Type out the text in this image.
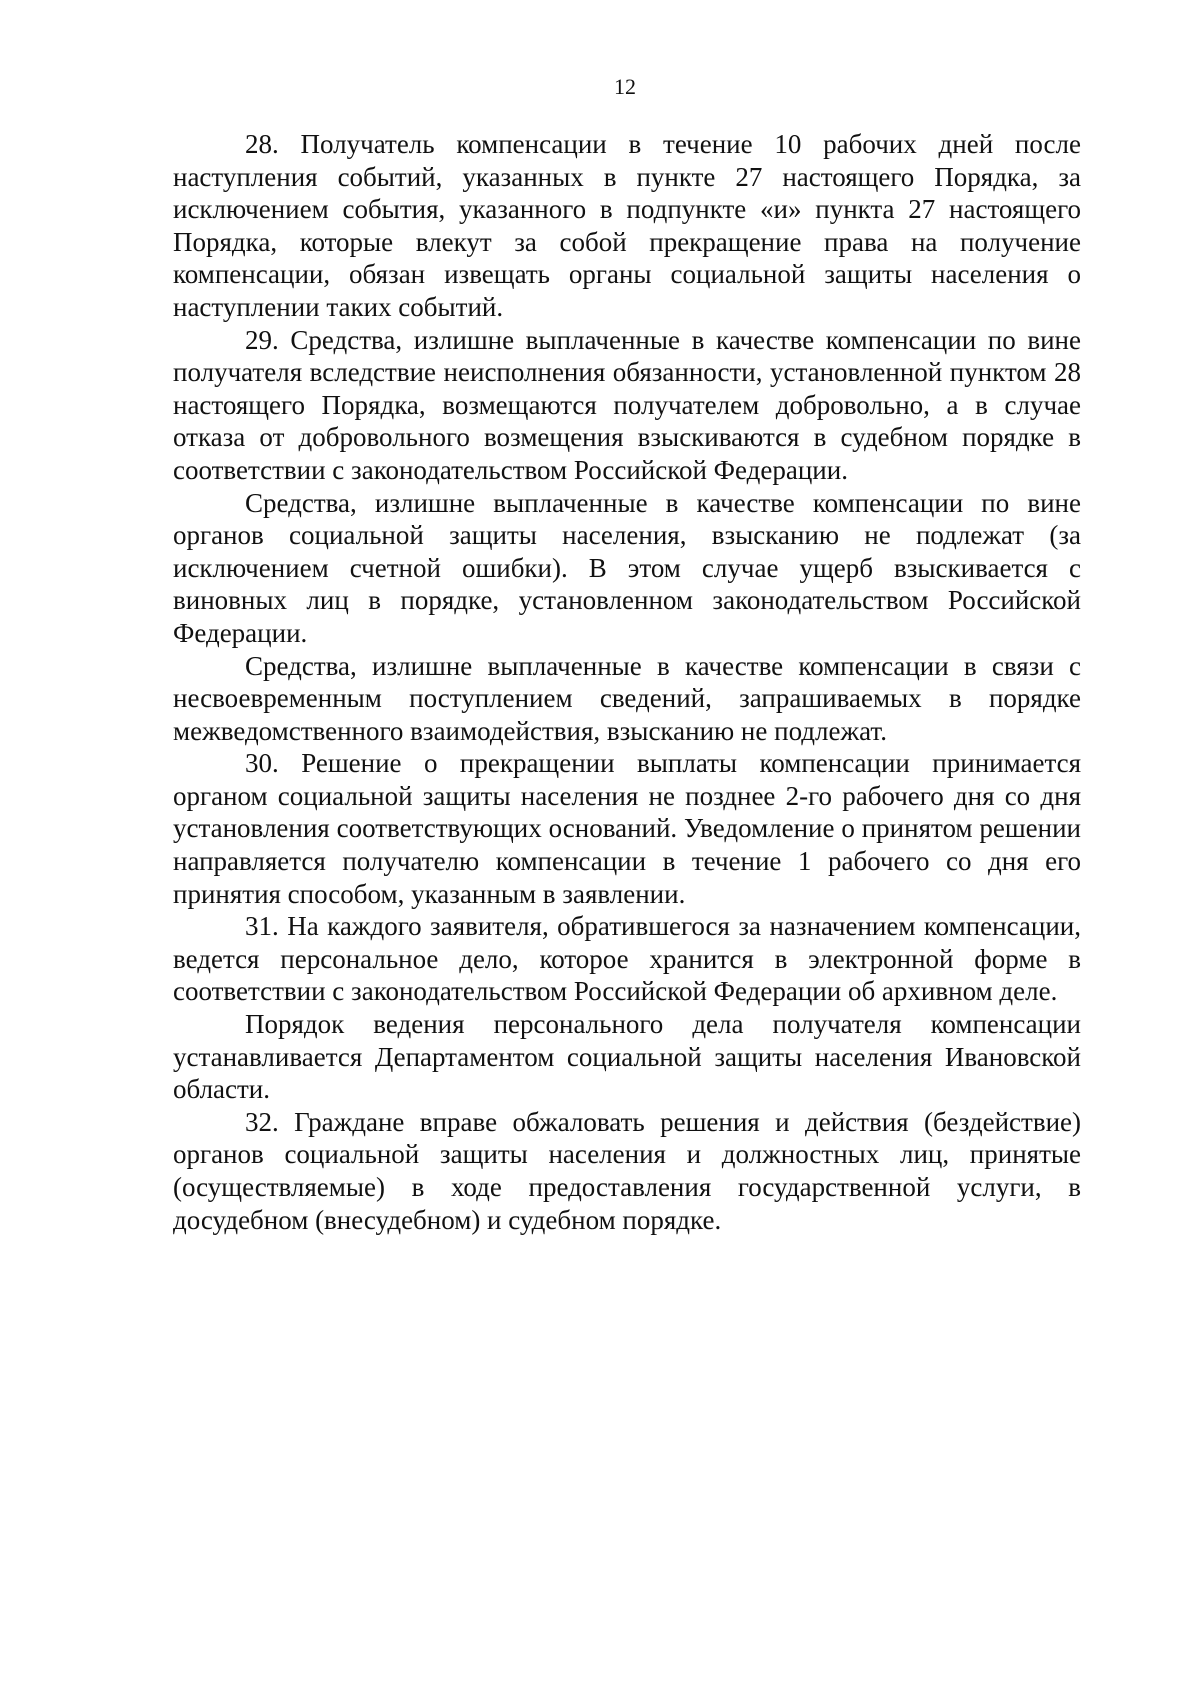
12

28. Получатель компенсации в течение 10 рабочих дней после наступления событий, указанных в пункте 27 настоящего Порядка, за исключением события, указанного в подпункте «и» пункта 27 настоящего Порядка, которые влекут за собой прекращение права на получение компенсации, обязан извещать органы социальной защиты населения о наступлении таких событий.

29. Средства, излишне выплаченные в качестве компенсации по вине получателя вследствие неисполнения обязанности, установленной пунктом 28 настоящего Порядка, возмещаются получателем добровольно, а в случае отказа от добровольного возмещения взыскиваются в судебном порядке в соответствии с законодательством Российской Федерации.

Средства, излишне выплаченные в качестве компенсации по вине органов социальной защиты населения, взысканию не подлежат (за исключением счетной ошибки). В этом случае ущерб взыскивается с виновных лиц в порядке, установленном законодательством Российской Федерации.

Средства, излишне выплаченные в качестве компенсации в связи с несвоевременным поступлением сведений, запрашиваемых в порядке межведомственного взаимодействия, взысканию не подлежат.

30. Решение о прекращении выплаты компенсации принимается органом социальной защиты населения не позднее 2-го рабочего дня со дня установления соответствующих оснований. Уведомление о принятом решении направляется получателю компенсации в течение 1 рабочего со дня его принятия способом, указанным в заявлении.

31. На каждого заявителя, обратившегося за назначением компенсации, ведется персональное дело, которое хранится в электронной форме в соответствии с законодательством Российской Федерации об архивном деле.

Порядок ведения персонального дела получателя компенсации устанавливается Департаментом социальной защиты населения Ивановской области.

32. Граждане вправе обжаловать решения и действия (бездействие) органов социальной защиты населения и должностных лиц, принятые (осуществляемые) в ходе предоставления государственной услуги, в досудебном (внесудебном) и судебном порядке.
